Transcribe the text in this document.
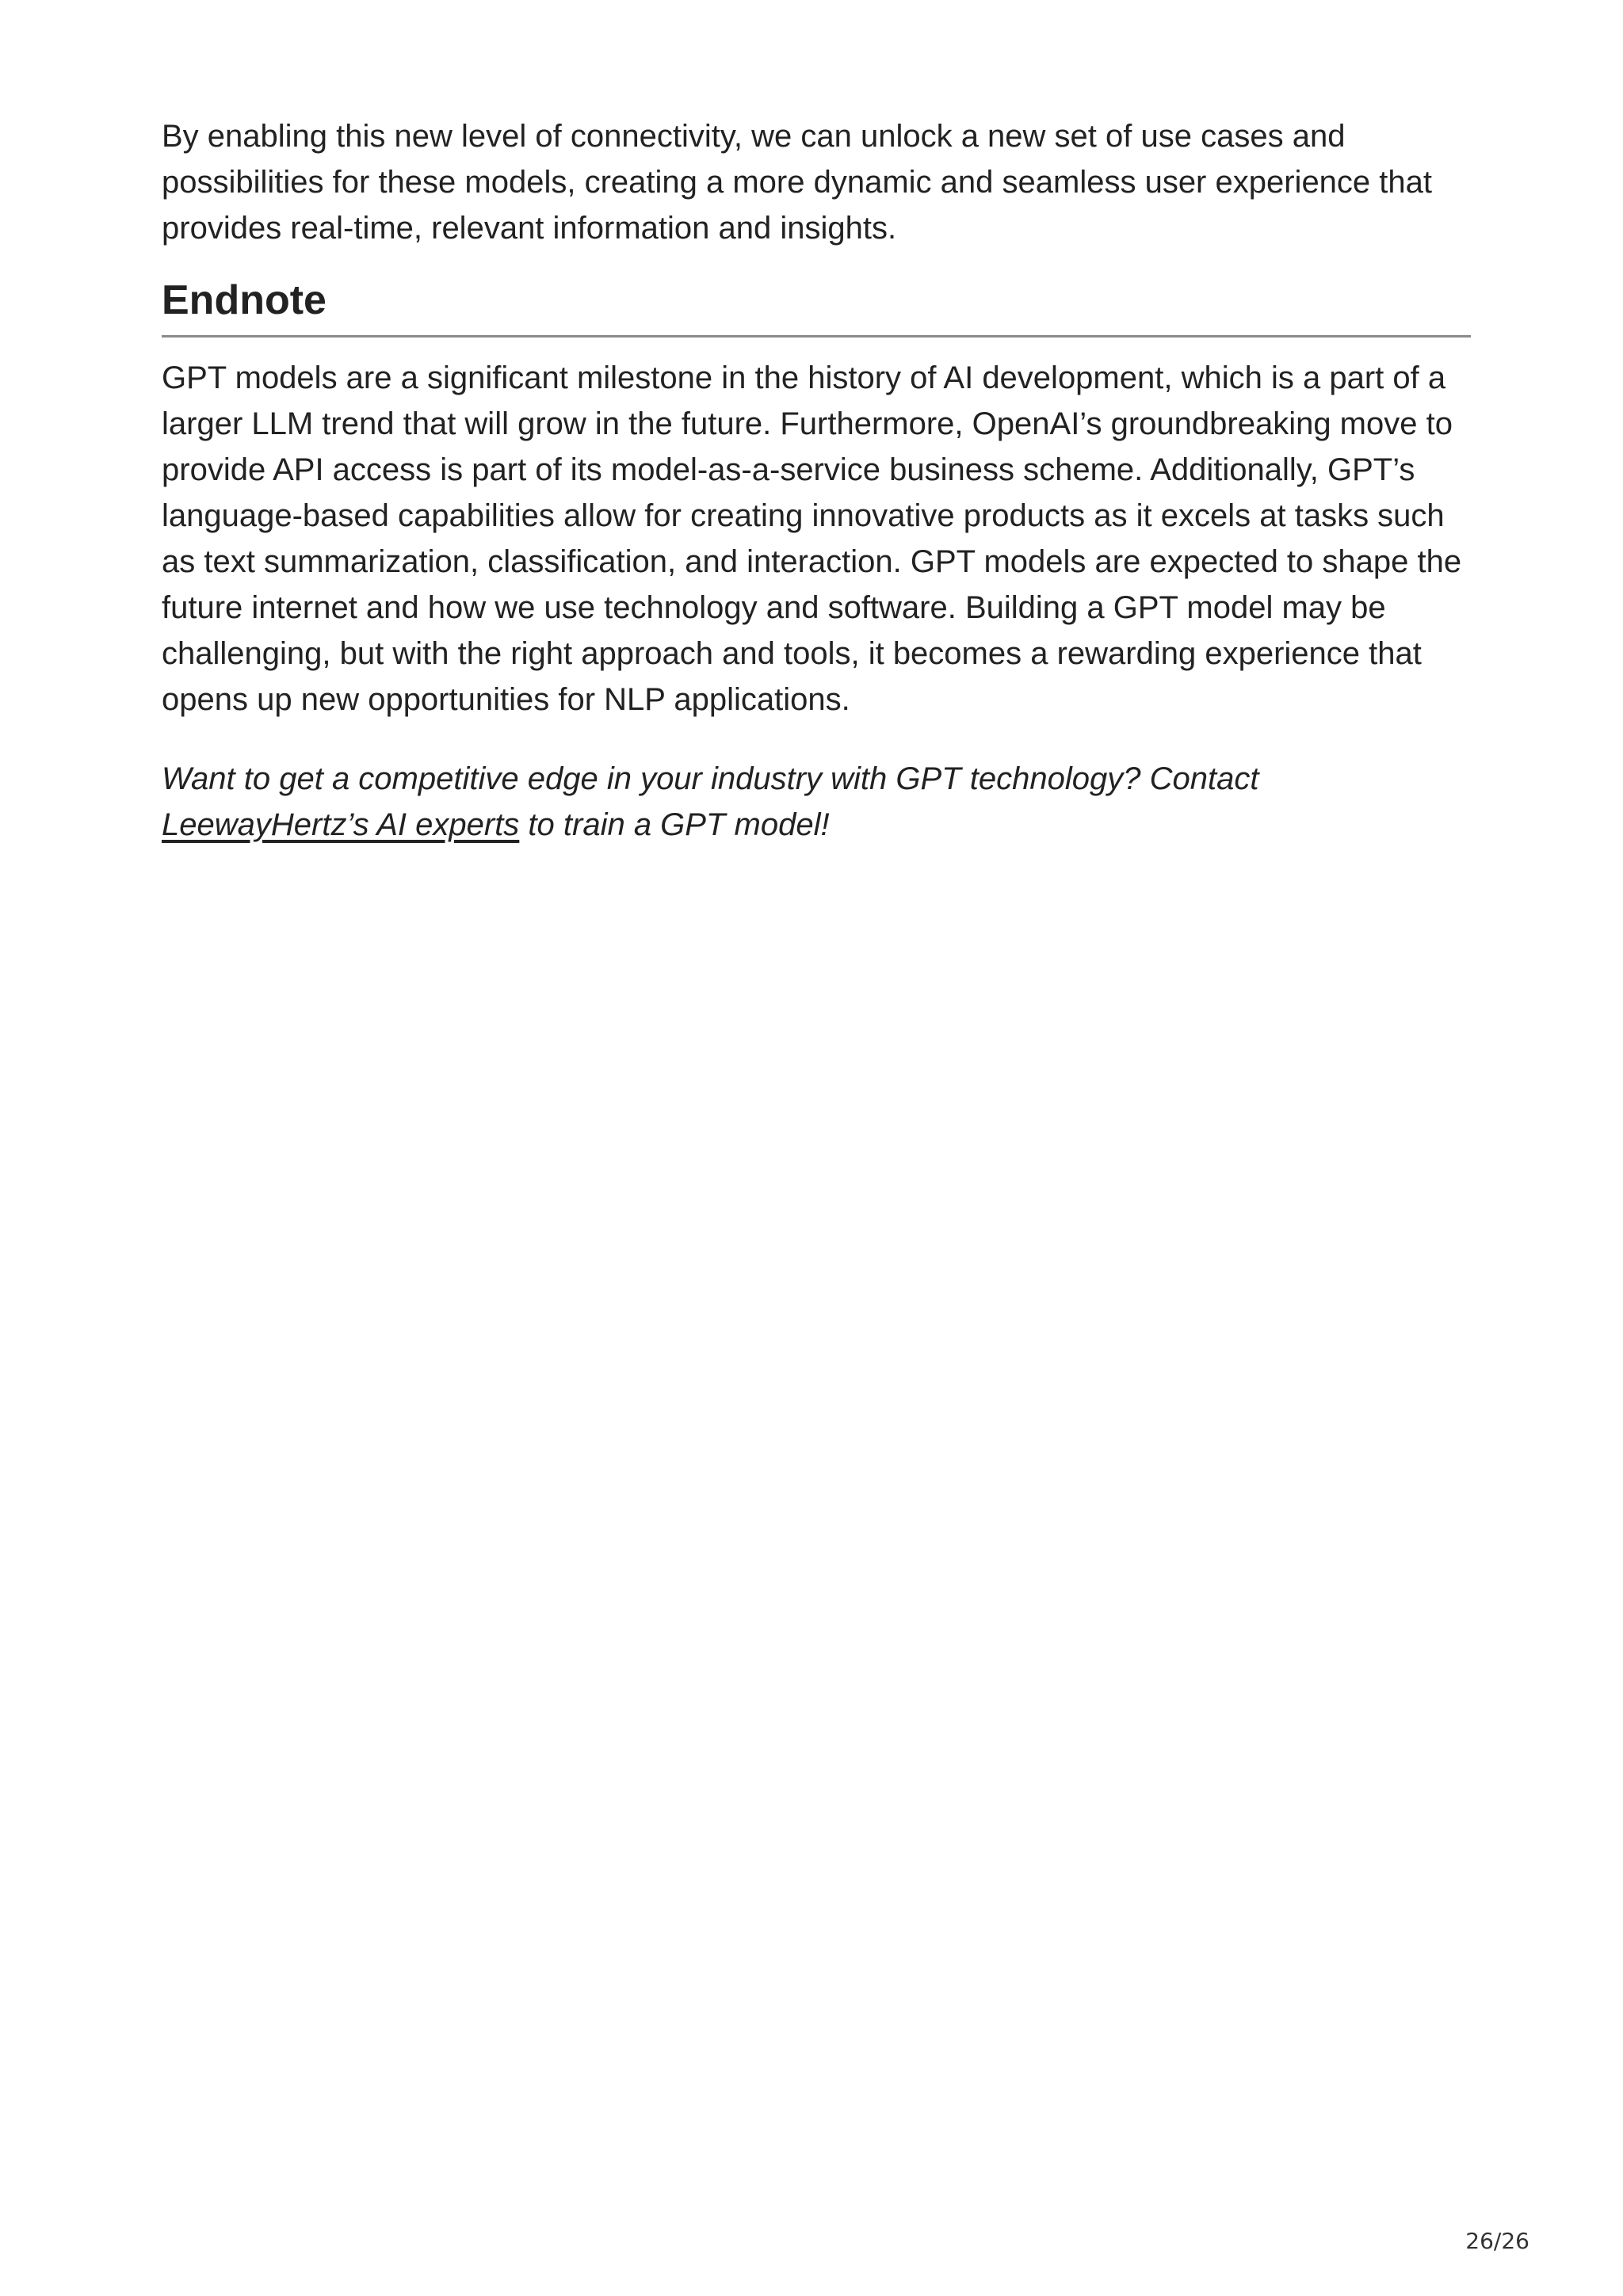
By enabling this new level of connectivity, we can unlock a new set of use cases and possibilities for these models, creating a more dynamic and seamless user experience that provides real-time, relevant information and insights.

Endnote

GPT models are a significant milestone in the history of AI development, which is a part of a larger LLM trend that will grow in the future. Furthermore, OpenAI’s groundbreaking move to provide API access is part of its model-as-a-service business scheme. Additionally, GPT’s language-based capabilities allow for creating innovative products as it excels at tasks such as text summarization, classification, and interaction. GPT models are expected to shape the future internet and how we use technology and software. Building a GPT model may be challenging, but with the right approach and tools, it becomes a rewarding experience that opens up new opportunities for NLP applications.

Want to get a competitive edge in your industry with GPT technology? Contact LeewayHertz’s AI experts to train a GPT model!

26/26
